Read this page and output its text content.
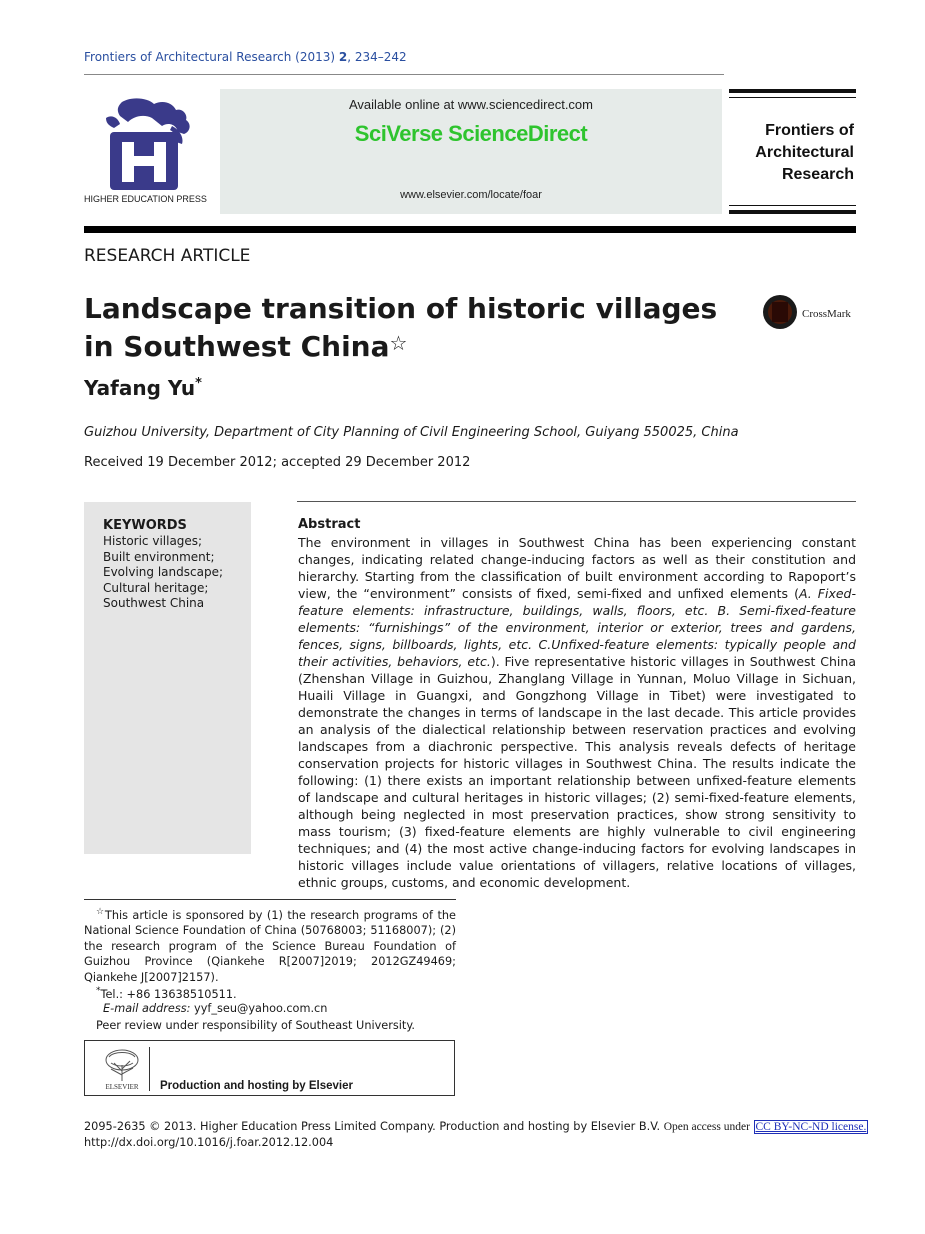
Frontiers of Architectural Research (2013) 2, 234–242
HIGHER EDUCATION PRESS
Available online at www.sciencedirect.com
SciVerse ScienceDirect
www.elsevier.com/locate/foar
Frontiers of
Architectural
Research
RESEARCH ARTICLE
Landscape transition of historic villages
in Southwest China☆
CrossMark
Yafang Yu*
Guizhou University, Department of City Planning of Civil Engineering School, Guiyang 550025, China
Received 19 December 2012; accepted 29 December 2012
KEYWORDS
Historic villages;
Built environment;
Evolving landscape;
Cultural heritage;
Southwest China
Abstract
The environment in villages in Southwest China has been experiencing constant changes, indicating related change-inducing factors as well as their constitution and hierarchy. Starting from the classification of built environment according to Rapoport’s view, the “environment” consists of fixed, semi-fixed and unfixed elements (A. Fixed-feature elements: infrastructure, buildings, walls, floors, etc. B. Semi-fixed-feature elements: “furnishings” of the environment, interior or exterior, trees and gardens, fences, signs, billboards, lights, etc. C.Unfixed-feature elements: typically people and their activities, behaviors, etc.). Five representative historic villages in Southwest China (Zhenshan Village in Guizhou, Zhanglang Village in Yunnan, Moluo Village in Sichuan, Huaili Village in Guangxi, and Gongzhong Village in Tibet) were investigated to demonstrate the changes in terms of landscape in the last decade. This article provides an analysis of the dialectical relationship between reservation practices and evolving landscapes from a diachronic perspective. This analysis reveals defects of heritage conservation projects for historic villages in Southwest China. The results indicate the following: (1) there exists an important relationship between unfixed-feature elements of landscape and cultural heritages in historic villages; (2) semi-fixed-feature elements, although being neglected in most preservation practices, show strong sensitivity to mass tourism; (3) fixed-feature elements are highly vulnerable to civil engineering techniques; and (4) the most active change-inducing factors for evolving landscapes in historic villages include value orientations of villagers, relative locations of villages, ethnic groups, customs, and economic development.
☆This article is sponsored by (1) the research programs of the National Science Foundation of China (50768003; 51168007); (2) the research program of the Science Bureau Foundation of Guizhou Province (Qiankehe R[2007]2019; 2012GZ49469; Qiankehe J[2007]2157).
*Tel.: +86 13638510511.
E-mail address: yyf_seu@yahoo.com.cn
Peer review under responsibility of Southeast University.
ELSEVIER Production and hosting by Elsevier
2095-2635 © 2013. Higher Education Press Limited Company. Production and hosting by Elsevier B.V. Open access under CC BY-NC-ND license.
http://dx.doi.org/10.1016/j.foar.2012.12.004
